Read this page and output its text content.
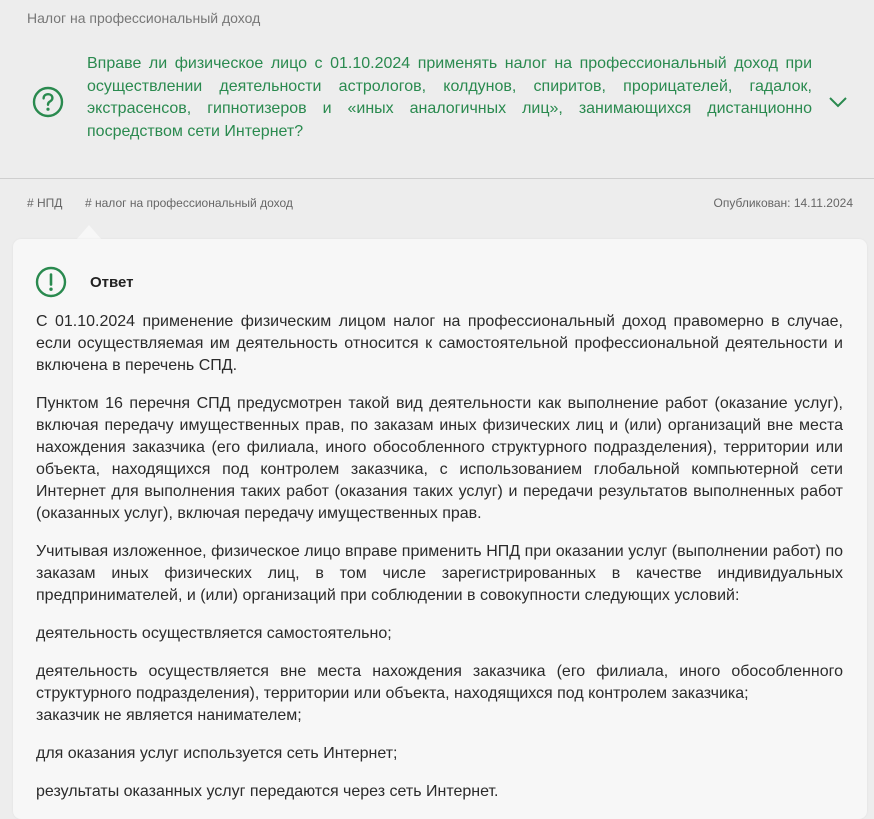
Налог на профессиональный доход
Вправе ли физическое лицо с 01.10.2024 применять налог на профессиональный доход при осуществлении деятельности астрологов, колдунов, спиритов, прорицателей, гадалок, экстрасенсов, гипнотизеров и «иных аналогичных лиц», занимающихся дистанционно посредством сети Интернет?
# НПД # налог на профессиональный доход	Опубликован: 14.11.2024
Ответ

С 01.10.2024 применение физическим лицом налог на профессиональный доход правомерно в случае, если осуществляемая им деятельность относится к самостоятельной профессиональной деятельности и включена в перечень СПД.

Пунктом 16 перечня СПД предусмотрен такой вид деятельности как выполнение работ (оказание услуг), включая передачу имущественных прав, по заказам иных физических лиц и (или) организаций вне места нахождения заказчика (его филиала, иного обособленного структурного подразделения), территории или объекта, находящихся под контролем заказчика, с использованием глобальной компьютерной сети Интернет для выполнения таких работ (оказания таких услуг) и передачи результатов выполненных работ (оказанных услуг), включая передачу имущественных прав.

Учитывая изложенное, физическое лицо вправе применить НПД при оказании услуг (выполнении работ) по заказам иных физических лиц, в том числе зарегистрированных в качестве индивидуальных предпринимателей, и (или) организаций при соблюдении в совокупности следующих условий:

деятельность осуществляется самостоятельно;

деятельность осуществляется вне места нахождения заказчика (его филиала, иного обособленного структурного подразделения), территории или объекта, находящихся под контролем заказчика;

заказчик не является нанимателем;

для оказания услуг используется сеть Интернет;

результаты оказанных услуг передаются через сеть Интернет.
